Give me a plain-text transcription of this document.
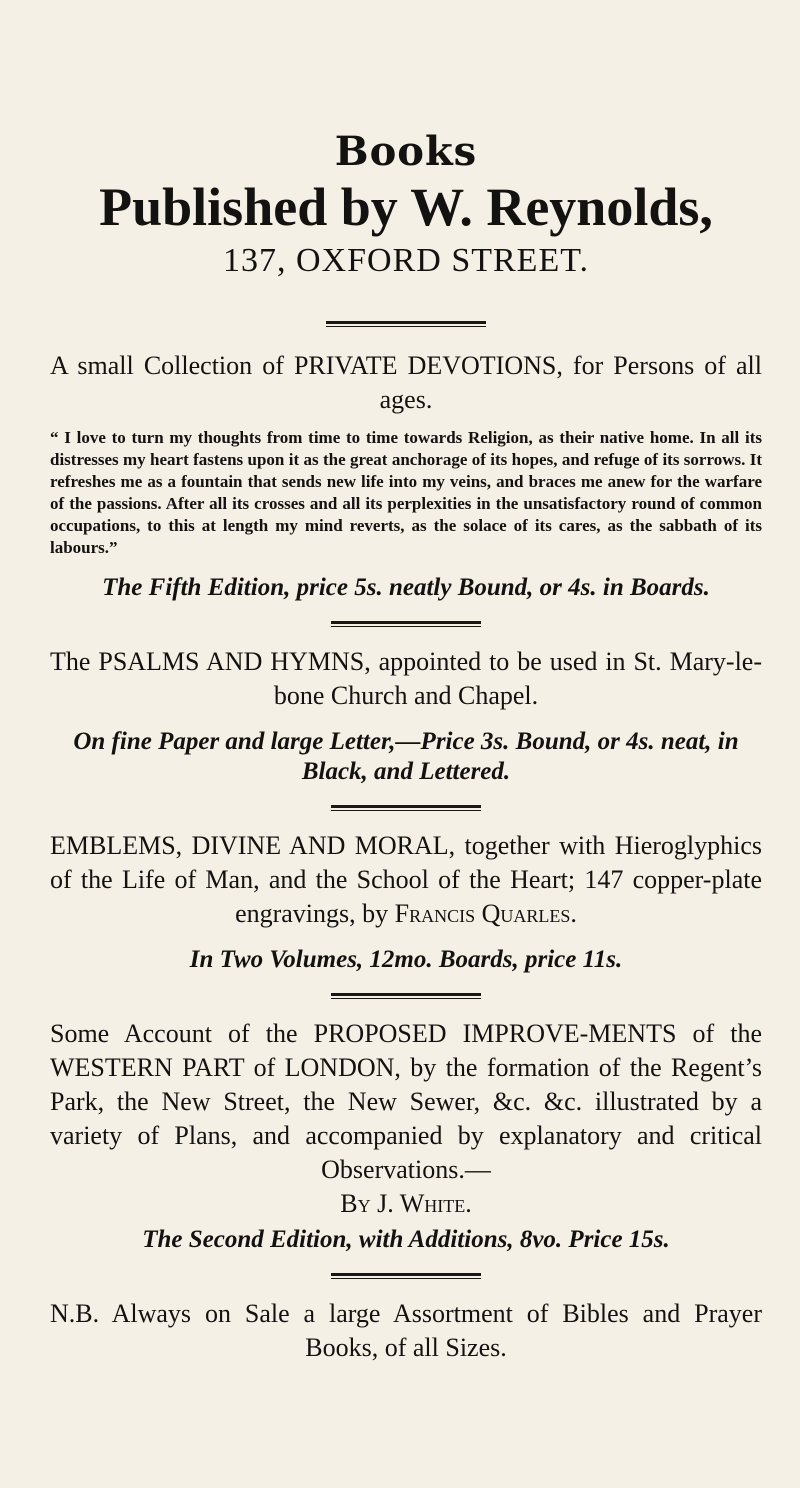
Books
Published by W. Reynolds,
137, OXFORD STREET.
A small Collection of PRIVATE DEVOTIONS, for Persons of all ages.
“ I love to turn my thoughts from time to time towards Religion, as their native home. In all its distresses my heart fastens upon it as the great anchorage of its hopes, and refuge of its sorrows. It refreshes me as a fountain that sends new life into my veins, and braces me anew for the warfare of the passions. After all its crosses and all its perplexities in the unsatisfactory round of common occupations, to this at length my mind reverts, as the solace of its cares, as the sabbath of its labours.”
The Fifth Edition, price 5s. neatly Bound, or 4s. in Boards.
The PSALMS AND HYMNS, appointed to be used in St. Mary-le-bone Church and Chapel.
On fine Paper and large Letter,—Price 3s. Bound, or 4s. neat, in Black, and Lettered.
EMBLEMS, DIVINE AND MORAL, together with Hieroglyphics of the Life of Man, and the School of the Heart; 147 copper-plate engravings, by Francis Quarles.
In Two Volumes, 12mo. Boards, price 11s.
Some Account of the PROPOSED IMPROVE-MENTS of the WESTERN PART of LONDON, by the formation of the Regent’s Park, the New Street, the New Sewer, &c. &c. illustrated by a variety of Plans, and accompanied by explanatory and critical Observations.—
By J. White.
The Second Edition, with Additions, 8vo. Price 15s.
N.B. Always on Sale a large Assortment of Bibles and Prayer Books, of all Sizes.
